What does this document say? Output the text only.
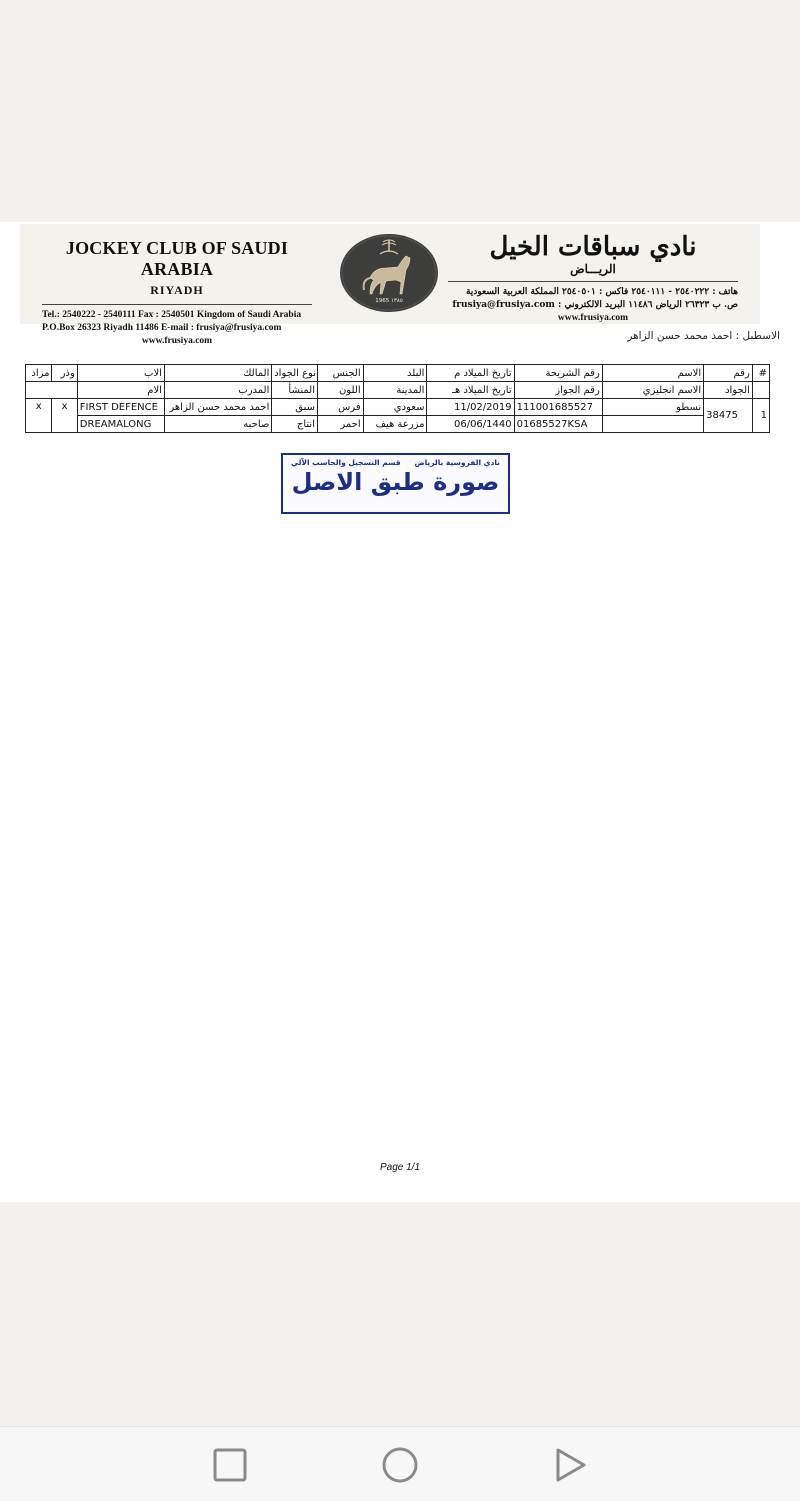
JOCKEY CLUB OF SAUDI ARABIA
RIYADH
Tel.: 2540222 - 2540111 Fax : 2540501 Kingdom of Saudi Arabia
P.O.Box 26323 Riyadh 11486 E-mail : frusiya@frusiya.com
www.frusiya.com
1965 ١٣٨٥
نادي سباقات الخيل
الريـــاض
هاتف : ٢٥٤٠٢٢٢ - ٢٥٤٠١١١ فاكس : ٢٥٤٠٥٠١ المملكة العربية السعودية
ص. ب ٢٦٣٢٣ الرياض ١١٤٨٦ البريد الالكتروني : frusiya@frusiya.com
www.frusiya.com
الاسطبل : احمد محمد حسن الزاهر
#	رقم	الاسم	رقم الشريحة	تاريخ الميلاد م	البلد	الجنس	نوع الجواد	المالك	الاب	وذر	مزاد
	الجواد	الاسم انجليزي	رقم الجواز	تاريخ الميلاد هـ	المدينة	اللون	المنشأ	المدرب	الام		
1	38475	نسطو	111001685527	11/02/2019	سعودي	فرس	سبق	احمد محمد حسن الزاهر	FIRST DEFENCE	x	x
			01685527KSA	06/06/1440	مزرعة هيف	احمر	انتاج	صاحبه	DREAMALONG		
نادي الفروسية بالرياض
قسم التسجيل والحاسب الآلي
صورة طبق الاصل
Page 1/1
